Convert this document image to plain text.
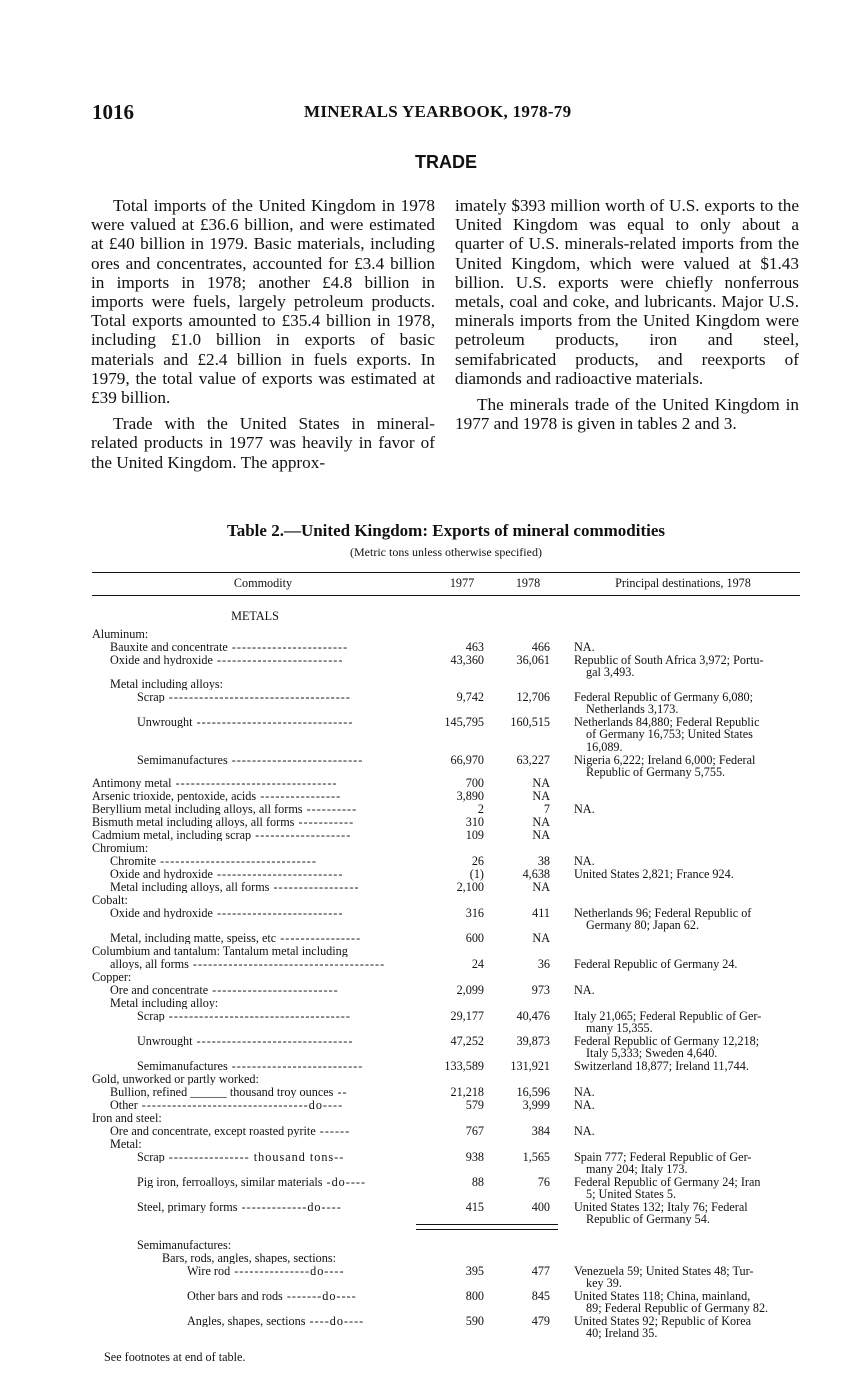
1016	MINERALS YEARBOOK, 1978-79
TRADE

Total imports of the United Kingdom in 1978 were valued at £36.6 billion, and were estimated at £40 billion in 1979. Basic materials, including ores and concentrates, accounted for £3.4 billion in imports in 1978; another £4.8 billion in imports were fuels, largely petroleum products. Total exports amounted to £35.4 billion in 1978, including £1.0 billion in exports of basic materials and £2.4 billion in fuels exports. In 1979, the total value of exports was estimated at £39 billion.

Trade with the United States in mineral-related products in 1977 was heavily in favor of the United Kingdom. The approx-

imately $393 million worth of U.S. exports to the United Kingdom was equal to only about a quarter of U.S. minerals-related imports from the United Kingdom, which were valued at $1.43 billion. U.S. exports were chiefly nonferrous metals, coal and coke, and lubricants. Major U.S. minerals imports from the United Kingdom were petroleum products, iron and steel, semifabricated products, and reexports of diamonds and radioactive materials.

The minerals trade of the United Kingdom in 1977 and 1978 is given in tables 2 and 3.

Table 2.—United Kingdom: Exports of mineral commodities
(Metric tons unless otherwise specified)
Commodity	1977	1978	Principal destinations, 1978
METALS
Aluminum:
Bauxite and concentrate -----------------------	463	466 NA.
Oxide and hydroxide -------------------------	43,360	36,061 Republic of South Africa 3,972; Portu-
gal 3,493.
Metal including alloys:
Scrap ------------------------------------	9,742	12,706 Federal Republic of Germany 6,080;
Netherlands 3,173.
Unwrought -------------------------------	145,795	160,515 Netherlands 84,880; Federal Republic
of Germany 16,753; United States
16,089.
Semimanufactures --------------------------	66,970	63,227 Nigeria 6,222; Ireland 6,000; Federal
Republic of Germany 5,755.
Antimony metal --------------------------------	700	NA
Arsenic trioxide, pentoxide, acids ----------------	3,890	NA
Beryllium metal including alloys, all forms ----------	2	7 NA.
Bismuth metal including alloys, all forms -----------	310	NA
Cadmium metal, including scrap -------------------	109	NA
Chromium:
Chromite -------------------------------	26	38 NA.
Oxide and hydroxide -------------------------	(1)	4,638 United States 2,821; France 924.
Metal including alloys, all forms -----------------	2,100	NA
Cobalt:
Oxide and hydroxide -------------------------	316	411 Netherlands 96; Federal Republic of
Germany 80; Japan 62.
Metal, including matte, speiss, etc ----------------	600	NA
Columbium and tantalum: Tantalum metal including
alloys, all forms --------------------------------------	24	36 Federal Republic of Germany 24.
Copper:
Ore and concentrate -------------------------	2,099	973 NA.
Metal including alloy:
Scrap ------------------------------------	29,177	40,476 Italy 21,065; Federal Republic of Ger-
many 15,355.
Unwrought -------------------------------	47,252	39,873 Federal Republic of Germany 12,218;
Italy 5,333; Sweden 4,640.
Semimanufactures --------------------------	133,589	131,921 Switzerland 18,877; Ireland 11,744.
Gold, unworked or partly worked:
Bullion, refined ______ thousand troy ounces --	21,218	16,596 NA.
Other ---------------------------------do----	579	3,999 NA.
Iron and steel:
Ore and concentrate, except roasted pyrite ------	767	384 NA.
Metal:
Scrap ---------------- thousand tons--	938	1,565 Spain 777; Federal Republic of Ger-
many 204; Italy 173.
Pig iron, ferroalloys, similar materials -do----	88	76 Federal Republic of Germany 24; Iran
5; United States 5.
Steel, primary forms -------------do----	415	400 United States 132; Italy 76; Federal
Republic of Germany 54.
Semimanufactures:
Bars, rods, angles, shapes, sections:
Wire rod ---------------do----	395	477 Venezuela 59; United States 48; Tur-
key 39.
Other bars and rods -------do----	800	845 United States 118; China, mainland,
89; Federal Republic of Germany 82.
Angles, shapes, sections ----do----	590	479 United States 92; Republic of Korea
40; Ireland 35.
See footnotes at end of table.
